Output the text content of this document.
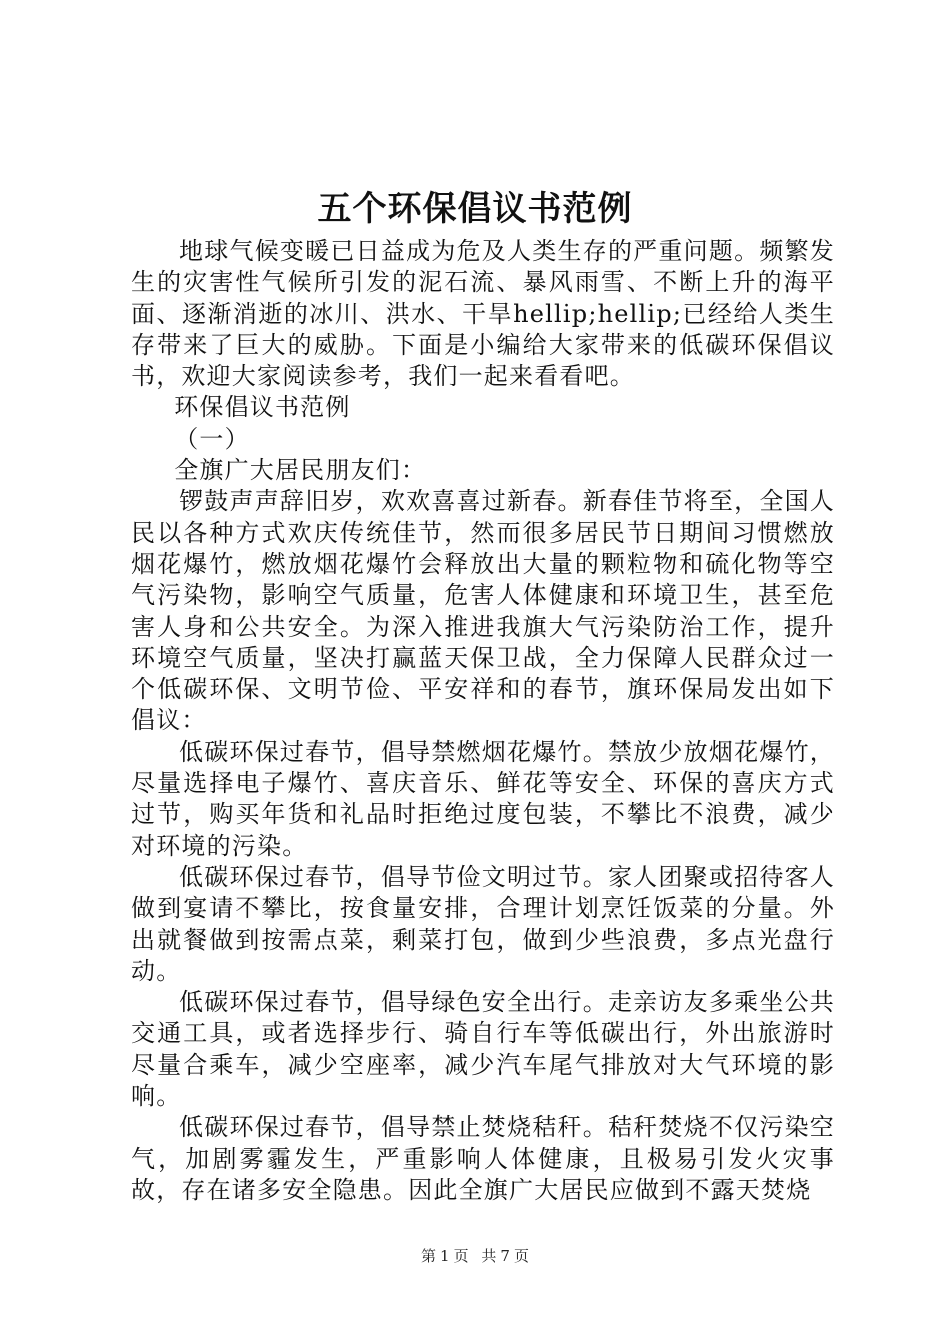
五个环保倡议书范例

地球气候变暖已日益成为危及人类生存的严重问题。频繁发生的灾害性气候所引发的泥石流、暴风雨雪、不断上升的海平面、逐渐消逝的冰川、洪水、干旱hellip;hellip;已经给人类生存带来了巨大的威胁。下面是小编给大家带来的低碳环保倡议书，欢迎大家阅读参考，我们一起来看看吧。

环保倡议书范例

（一）

全旗广大居民朋友们：

锣鼓声声辞旧岁，欢欢喜喜过新春。新春佳节将至，全国人民以各种方式欢庆传统佳节，然而很多居民节日期间习惯燃放烟花爆竹，燃放烟花爆竹会释放出大量的颗粒物和硫化物等空气污染物，影响空气质量，危害人体健康和环境卫生，甚至危害人身和公共安全。为深入推进我旗大气污染防治工作，提升环境空气质量，坚决打赢蓝天保卫战，全力保障人民群众过一个低碳环保、文明节俭、平安祥和的春节，旗环保局发出如下倡议：

低碳环保过春节，倡导禁燃烟花爆竹。禁放少放烟花爆竹，尽量选择电子爆竹、喜庆音乐、鲜花等安全、环保的喜庆方式过节，购买年货和礼品时拒绝过度包装，不攀比不浪费，减少对环境的污染。

低碳环保过春节，倡导节俭文明过节。家人团聚或招待客人做到宴请不攀比，按食量安排，合理计划烹饪饭菜的分量。外出就餐做到按需点菜，剩菜打包，做到少些浪费，多点光盘行动。

低碳环保过春节，倡导绿色安全出行。走亲访友多乘坐公共交通工具，或者选择步行、骑自行车等低碳出行，外出旅游时尽量合乘车，减少空座率，减少汽车尾气排放对大气环境的影响。

低碳环保过春节，倡导禁止焚烧秸秆。秸秆焚烧不仅污染空气，加剧雾霾发生，严重影响人体健康，且极易引发火灾事故，存在诸多安全隐患。因此全旗广大居民应做到不露天焚烧

第 1 页 共 7 页
